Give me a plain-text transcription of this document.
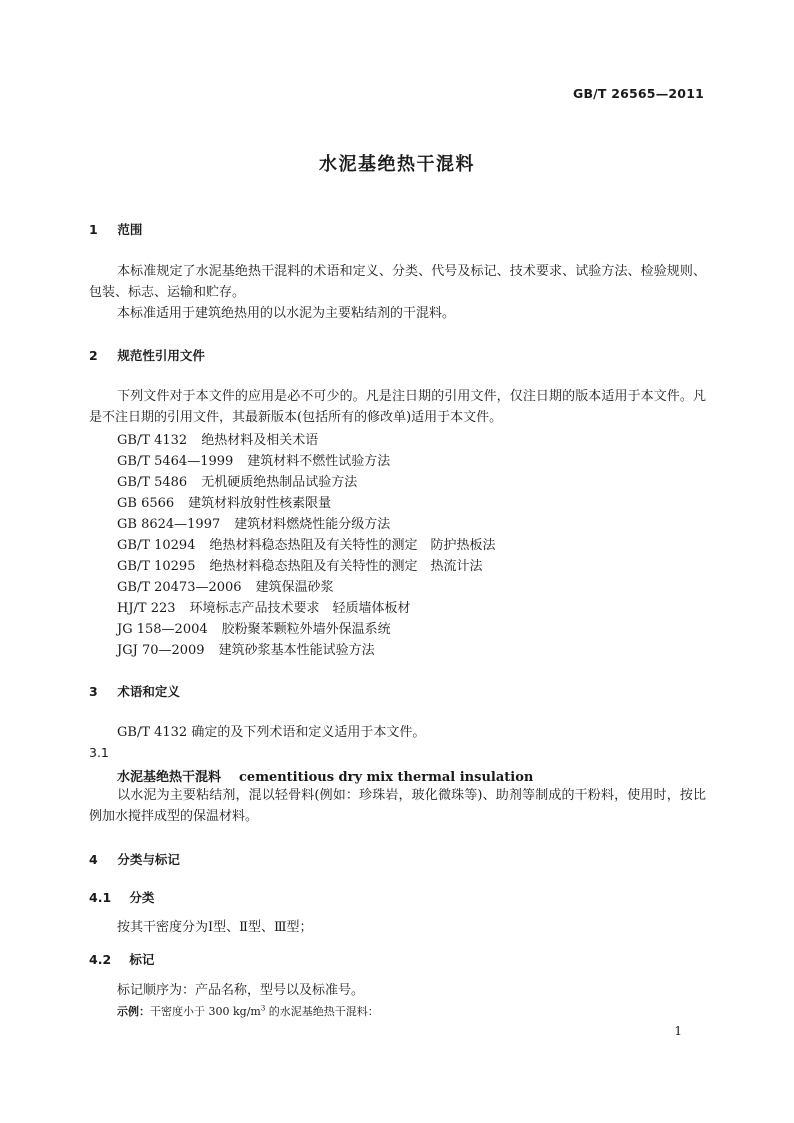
GB/T 26565—2011
水泥基绝热干混料
1 范围
本标准规定了水泥基绝热干混料的术语和定义、分类、代号及标记、技术要求、试验方法、检验规则、包装、标志、运输和贮存。
本标准适用于建筑绝热用的以水泥为主要粘结剂的干混料。
2 规范性引用文件
下列文件对于本文件的应用是必不可少的。凡是注日期的引用文件，仅注日期的版本适用于本文件。凡是不注日期的引用文件，其最新版本(包括所有的修改单)适用于本文件。
GB/T 4132 绝热材料及相关术语
GB/T 5464—1999 建筑材料不燃性试验方法
GB/T 5486 无机硬质绝热制品试验方法
GB 6566 建筑材料放射性核素限量
GB 8624—1997 建筑材料燃烧性能分级方法
GB/T 10294 绝热材料稳态热阻及有关特性的测定　防护热板法
GB/T 10295 绝热材料稳态热阻及有关特性的测定　热流计法
GB/T 20473—2006 建筑保温砂浆
HJ/T 223 环境标志产品技术要求　轻质墙体板材
JG 158—2004 胶粉聚苯颗粒外墙外保温系统
JGJ 70—2009 建筑砂浆基本性能试验方法
3 术语和定义
GB/T 4132 确定的及下列术语和定义适用于本文件。
3.1
水泥基绝热干混料 cementitious dry mix thermal insulation
以水泥为主要粘结剂，混以轻骨料(例如：珍珠岩，玻化微珠等)、助剂等制成的干粉料，使用时，按比例加水搅拌成型的保温材料。
4 分类与标记
4.1 分类
按其干密度分为Ⅰ型、Ⅱ型、Ⅲ型；
4.2 标记
标记顺序为：产品名称，型号以及标准号。
示例：干密度小于 300 $kg/m^3$ 的水泥基绝热干混料：
1
